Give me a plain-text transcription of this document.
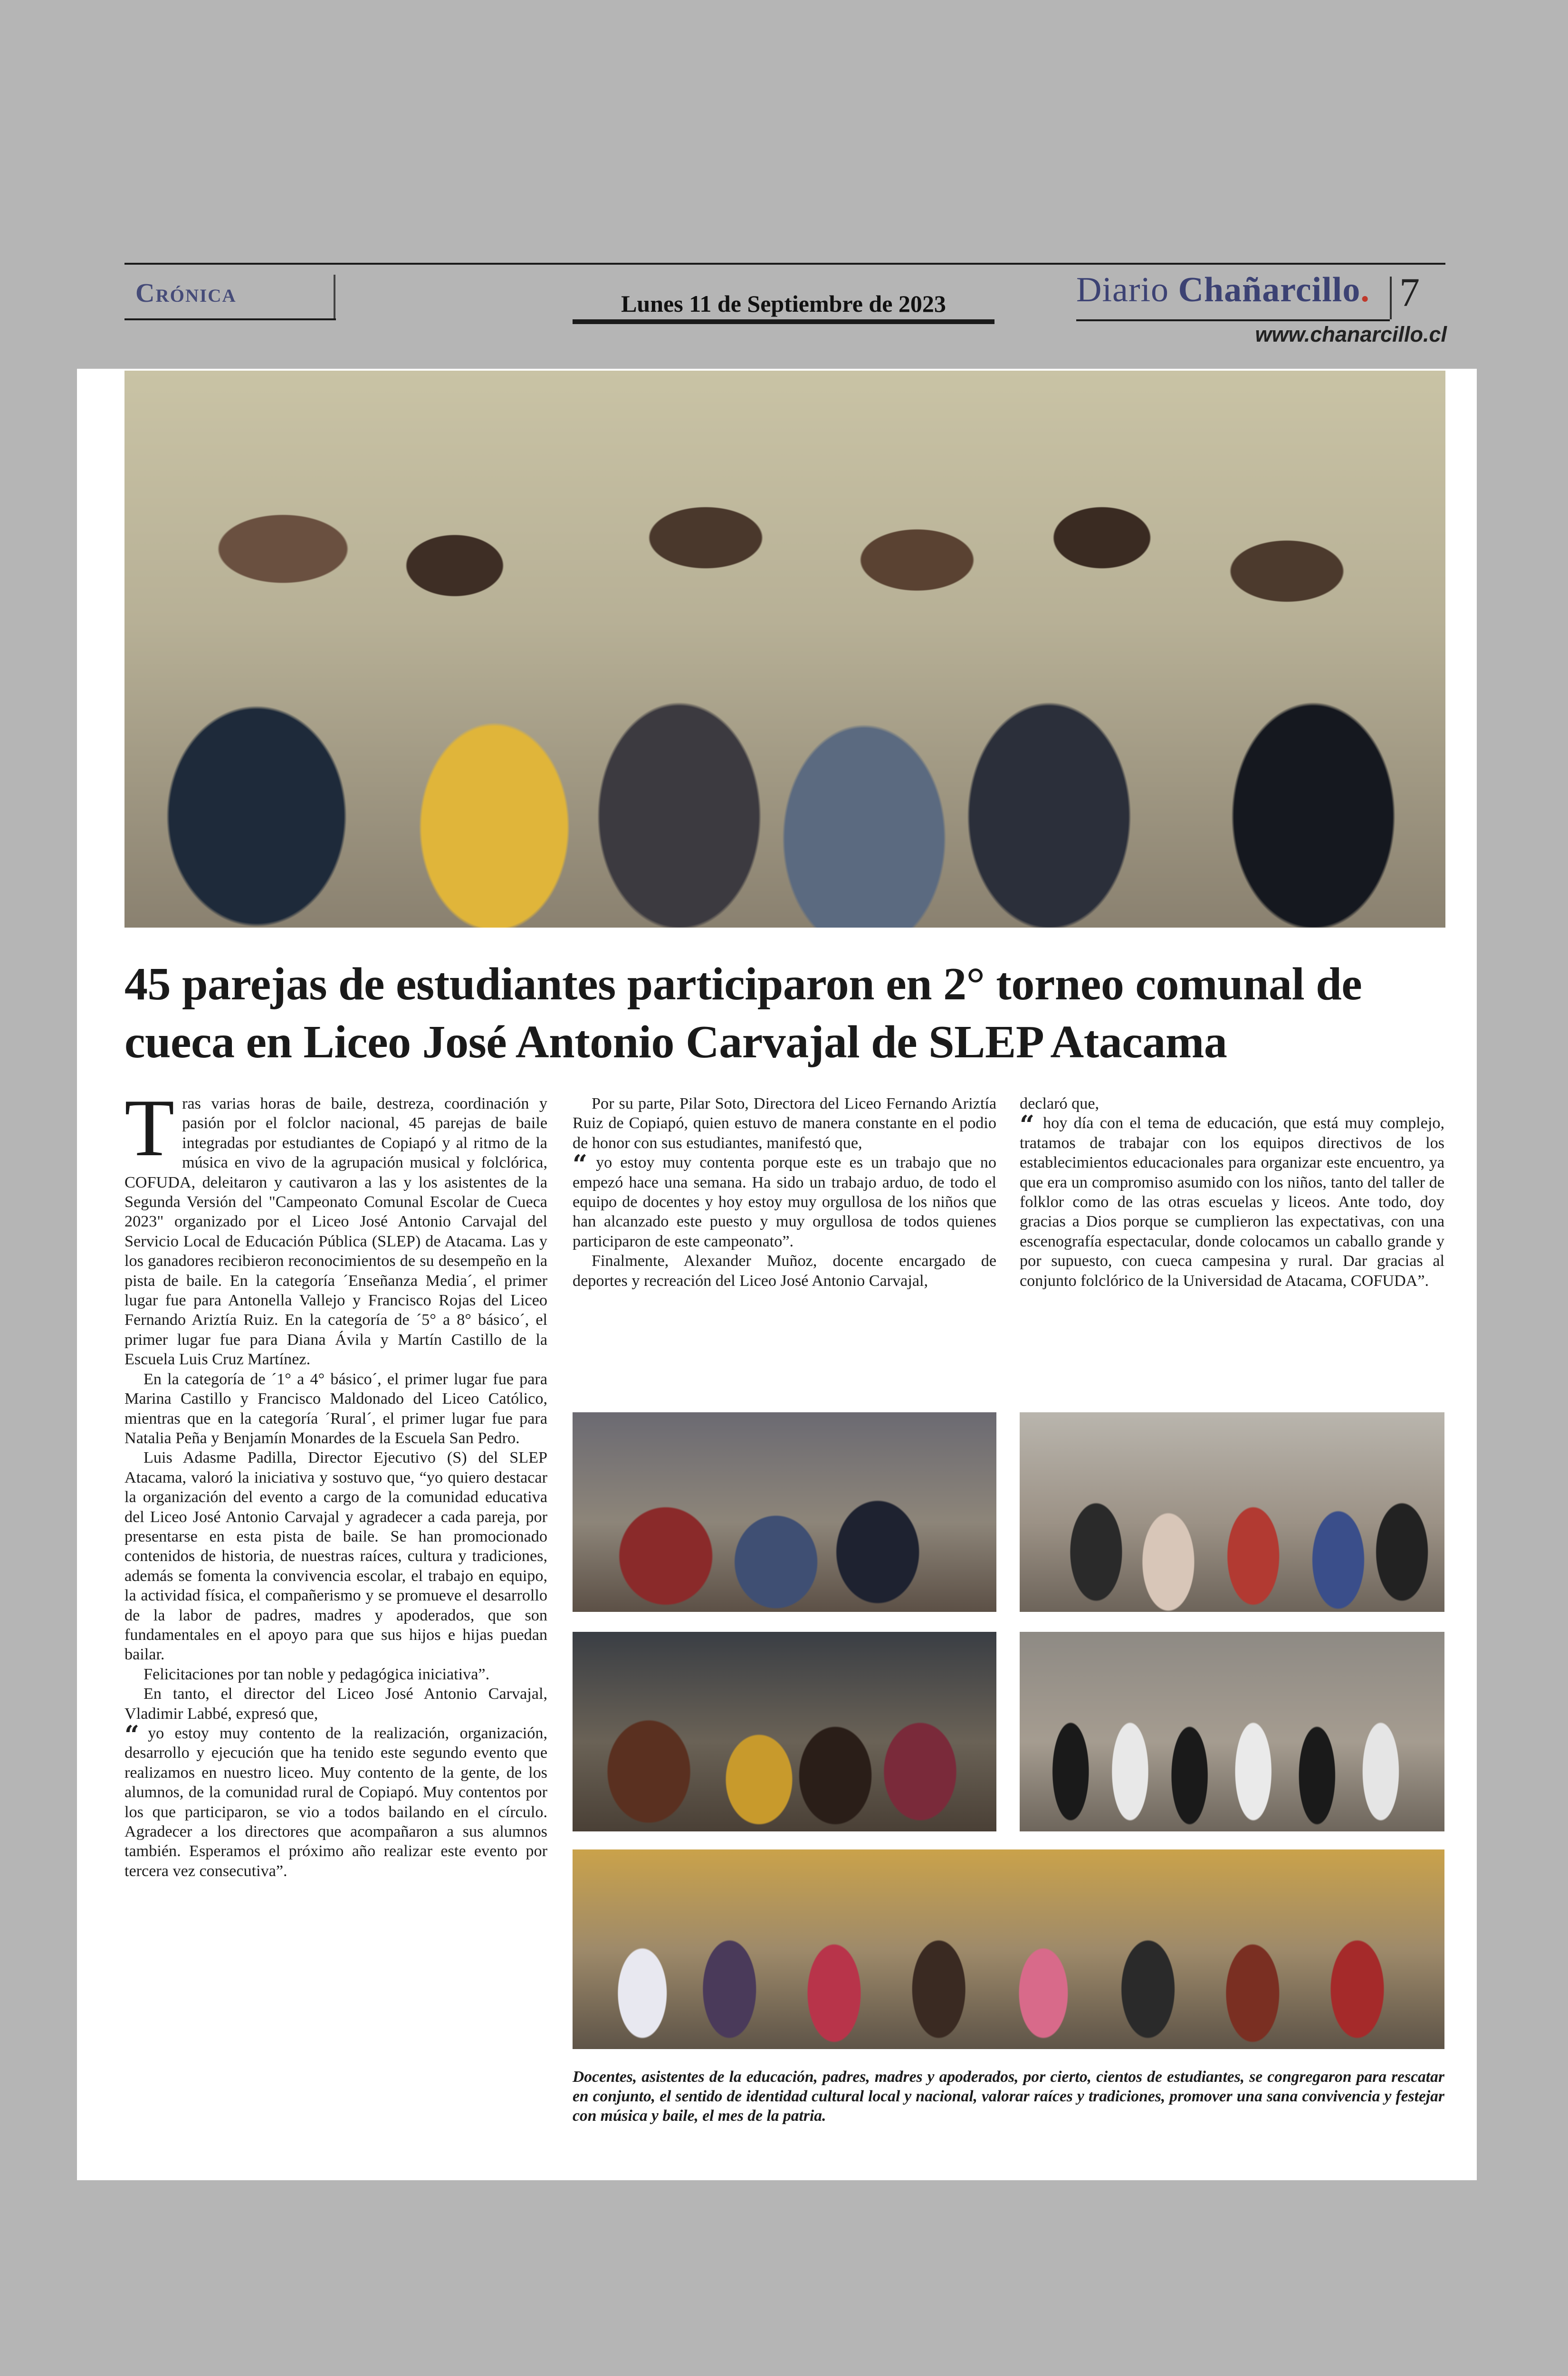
Crónica	Lunes 11 de Septiembre de 2023	Diario Chañarcillo. 7
www.chanarcillo.cl
45 parejas de estudiantes participaron en 2° torneo comunal de cueca en Liceo José Antonio Carvajal de SLEP Atacama

Tras varias horas de baile, destreza, coordinación y pasión por el folclor nacional, 45 parejas de baile integradas por estudiantes de Copiapó y al ritmo de la música en vivo de la agrupación musical y folclórica, COFUDA, deleitaron y cautivaron a las y los asistentes de la Segunda Versión del "Campeonato Comunal Escolar de Cueca 2023" organizado por el Liceo José Antonio Carvajal del Servicio Local de Educación Pública (SLEP) de Atacama. Las y los ganadores recibieron reconocimientos de su desempeño en la pista de baile. En la categoría ´Enseñanza Media´, el primer lugar fue para Antonella Vallejo y Francisco Rojas del Liceo Fernando Ariztía Ruiz. En la categoría de ´5° a 8° básico´, el primer lugar fue para Diana Ávila y Martín Castillo de la Escuela Luis Cruz Martínez.

En la categoría de ´1° a 4° básico´, el primer lugar fue para Marina Castillo y Francisco Maldonado del Liceo Católico, mientras que en la categoría ´Rural´, el primer lugar fue para Natalia Peña y Benjamín Monardes de la Escuela San Pedro.

Luis Adasme Padilla, Director Ejecutivo (S) del SLEP Atacama, valoró la iniciativa y sostuvo que, “yo quiero destacar la organización del evento a cargo de la comunidad educativa del Liceo José Antonio Carvajal y agradecer a cada pareja, por presentarse en esta pista de baile. Se han promocionado contenidos de historia, de nuestras raíces, cultura y tradiciones, además se fomenta la convivencia escolar, el trabajo en equipo, la actividad física, el compañerismo y se promueve el desarrollo de la labor de padres, madres y apoderados, que son fundamentales en el apoyo para que sus hijos e hijas puedan bailar.

Felicitaciones por tan noble y pedagógica iniciativa”.

En tanto, el director del Liceo José Antonio Carvajal, Vladimir Labbé, expresó que,

“ yo estoy muy contento de la realización, organización, desarrollo y ejecución que ha tenido este segundo evento que realizamos en nuestro liceo. Muy contento de la gente, de los alumnos, de la comunidad rural de Copiapó. Muy contentos por los que participaron, se vio a todos bailando en el círculo. Agradecer a los directores que acompañaron a sus alumnos también. Esperamos el próximo año realizar este evento por tercera vez consecutiva”.

Por su parte, Pilar Soto, Directora del Liceo Fernando Ariztía Ruiz de Copiapó, quien estuvo de manera constante en el podio de honor con sus estudiantes, manifestó que,

“ yo estoy muy contenta porque este es un trabajo que no empezó hace una semana. Ha sido un trabajo arduo, de todo el equipo de docentes y hoy estoy muy orgullosa de los niños que han alcanzado este puesto y muy orgullosa de todos quienes participaron de este campeonato”.

Finalmente, Alexander Muñoz, docente encargado de deportes y recreación del Liceo José Antonio Carvajal,

declaró que,

“ hoy día con el tema de educación, que está muy complejo, tratamos de trabajar con los equipos directivos de los establecimientos educacionales para organizar este encuentro, ya que era un compromiso asumido con los niños, tanto del taller de folklor como de las otras escuelas y liceos. Ante todo, doy gracias a Dios porque se cumplieron las expectativas, con una escenografía espectacular, donde colocamos un caballo grande y por supuesto, con cueca campesina y rural. Dar gracias al conjunto folclórico de la Universidad de Atacama, COFUDA”.

Docentes, asistentes de la educación, padres, madres y apoderados, por cierto, cientos de estudiantes, se congregaron para rescatar en conjunto, el sentido de identidad cultural local y nacional, valorar raíces y tradiciones, promover una sana convivencia y festejar con música y baile, el mes de la patria.
